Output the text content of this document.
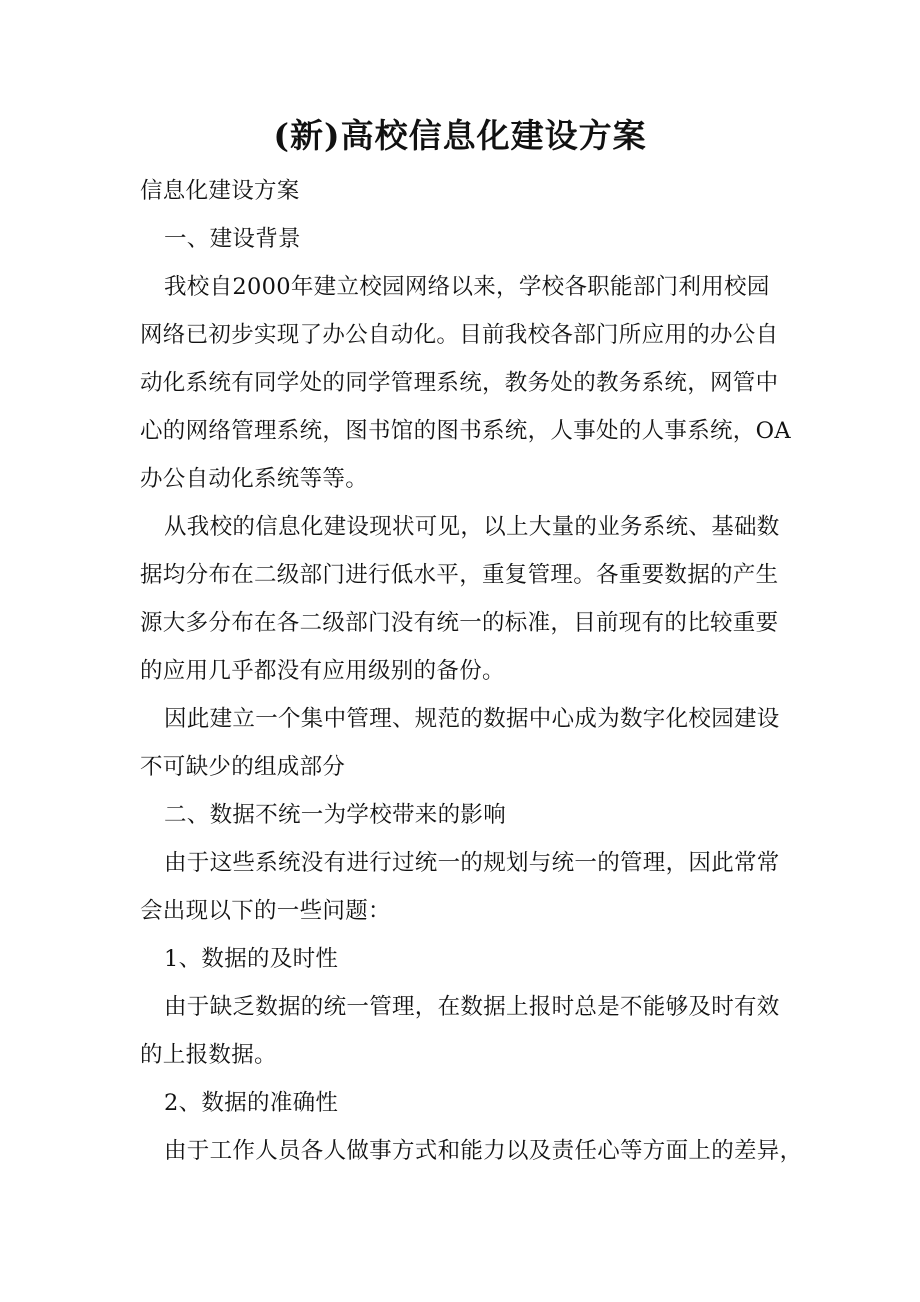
(新)高校信息化建设方案

信息化建设方案

一、建设背景

我校自2000年建立校园网络以来，学校各职能部门利用校园
网络已初步实现了办公自动化。目前我校各部门所应用的办公自
动化系统有同学处的同学管理系统，教务处的教务系统，网管中
心的网络管理系统，图书馆的图书系统，人事处的人事系统，OA
办公自动化系统等等。

从我校的信息化建设现状可见，以上大量的业务系统、基础数
据均分布在二级部门进行低水平，重复管理。各重要数据的产生
源大多分布在各二级部门没有统一的标准，目前现有的比较重要
的应用几乎都没有应用级别的备份。

因此建立一个集中管理、规范的数据中心成为数字化校园建设
不可缺少的组成部分

二、数据不统一为学校带来的影响

由于这些系统没有进行过统一的规划与统一的管理，因此常常
会出现以下的一些问题：

1、数据的及时性

由于缺乏数据的统一管理，在数据上报时总是不能够及时有效
的上报数据。

2、数据的准确性

由于工作人员各人做事方式和能力以及责任心等方面上的差异，
